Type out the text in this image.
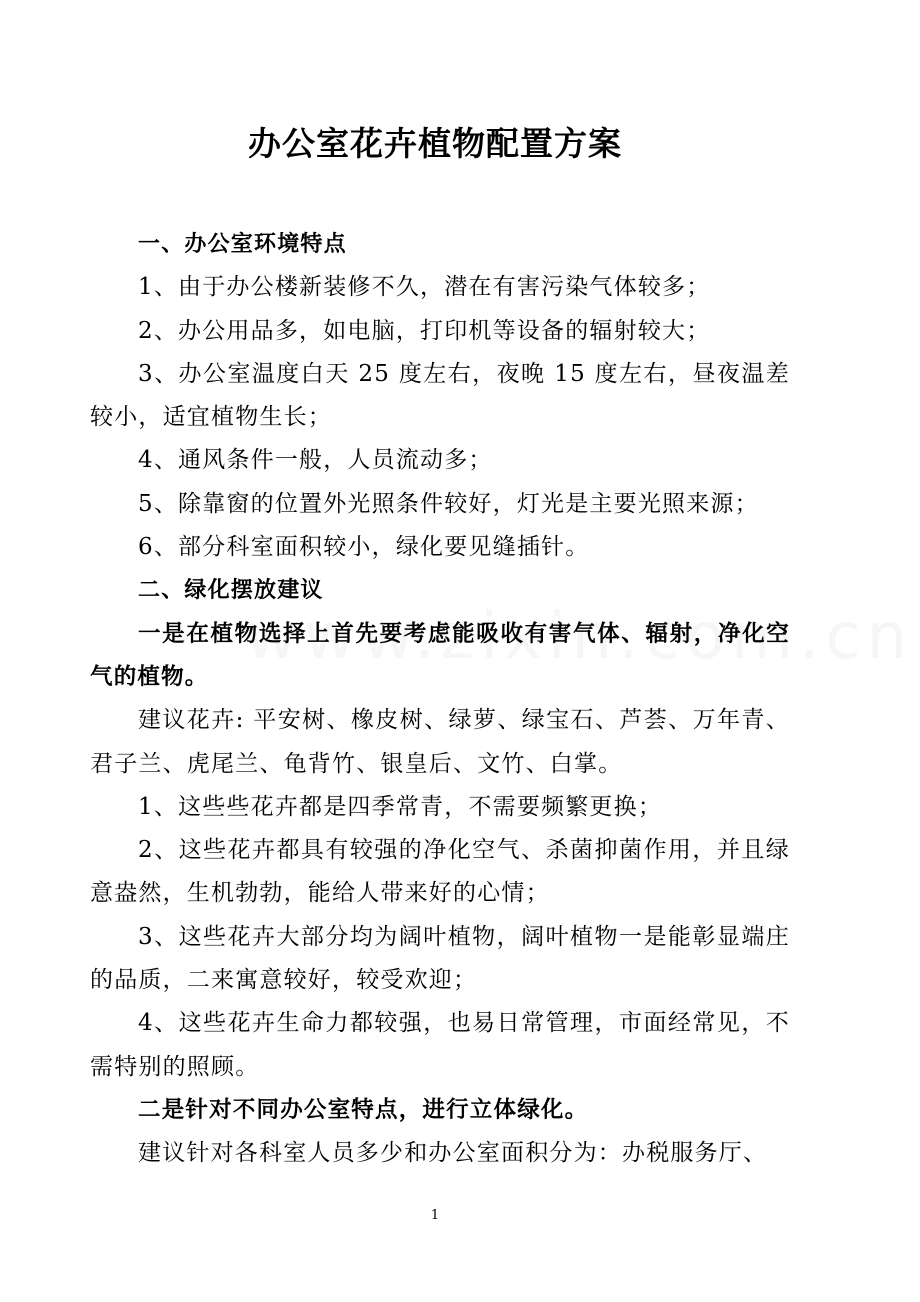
办公室花卉植物配置方案

一、办公室环境特点

1、由于办公楼新装修不久，潜在有害污染气体较多；

2、办公用品多，如电脑，打印机等设备的辐射较大；

3、办公室温度白天 25 度左右，夜晚 15 度左右，昼夜温差较小，适宜植物生长；

4、通风条件一般，人员流动多；

5、除靠窗的位置外光照条件较好，灯光是主要光照来源；

6、部分科室面积较小，绿化要见缝插针。

二、绿化摆放建议

一是在植物选择上首先要考虑能吸收有害气体、辐射，净化空气的植物。

建议花卉: 平安树、橡皮树、绿萝、绿宝石、芦荟、万年青、君子兰、虎尾兰、龟背竹、银皇后、文竹、白掌。

1、这些些花卉都是四季常青，不需要频繁更换；

2、这些花卉都具有较强的净化空气、杀菌抑菌作用，并且绿意盎然，生机勃勃，能给人带来好的心情；

3、这些花卉大部分均为阔叶植物，阔叶植物一是能彰显端庄的品质，二来寓意较好，较受欢迎；

4、这些花卉生命力都较强，也易日常管理，市面经常见，不需特别的照顾。

二是针对不同办公室特点，进行立体绿化。

建议针对各科室人员多少和办公室面积分为：办税服务厅、

1
